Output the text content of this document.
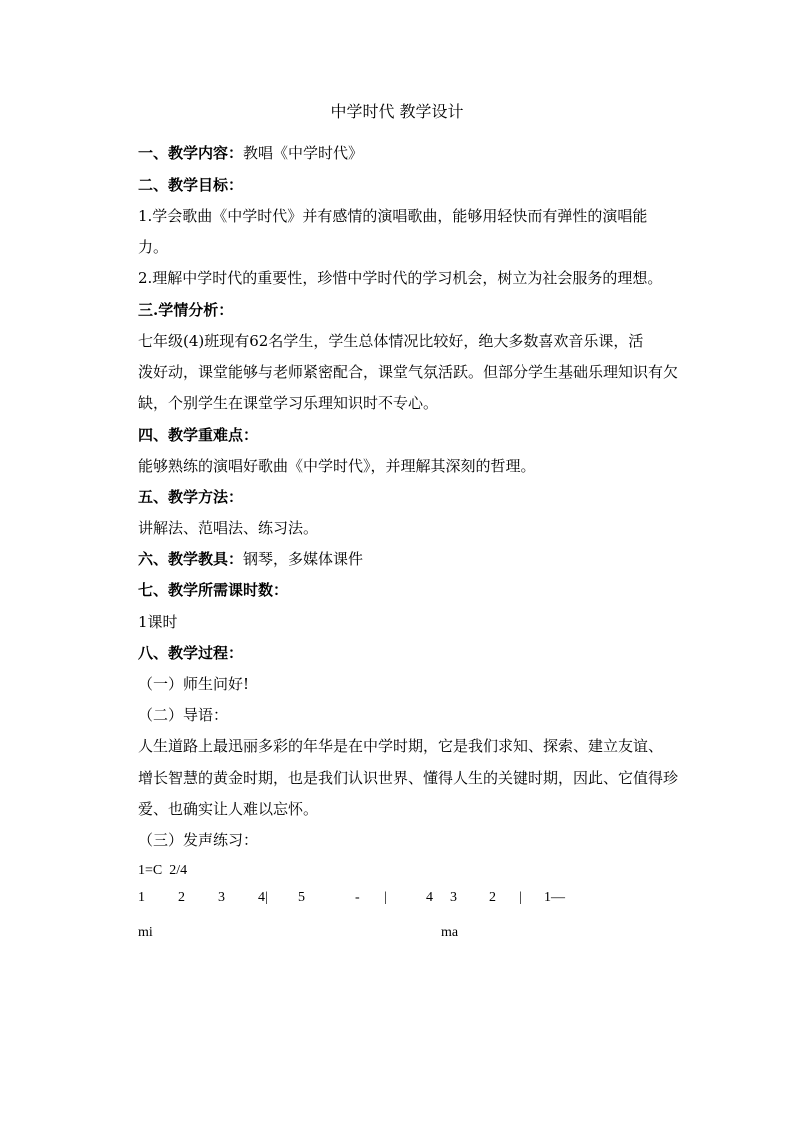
中学时代 教学设计
一、教学内容：教唱《中学时代》
二、教学目标：
1.学会歌曲《中学时代》并有感情的演唱歌曲，能够用轻快而有弹性的演唱能
力。
2.理解中学时代的重要性，珍惜中学时代的学习机会，树立为社会服务的理想。
三.学情分析：
七年级(4)班现有62名学生，学生总体情况比较好，绝大多数喜欢音乐课，活
泼好动，课堂能够与老师紧密配合，课堂气氛活跃。但部分学生基础乐理知识有欠
缺，个别学生在课堂学习乐理知识时不专心。
四、教学重难点：
能够熟练的演唱好歌曲《中学时代》，并理解其深刻的哲理。
五、教学方法：
讲解法、范唱法、练习法。
六、教学教具：钢琴，多媒体课件
七、教学所需课时数：
1课时
八、教学过程：
（一）师生问好!
（二）导语：
人生道路上最迅丽多彩的年华是在中学时期，它是我们求知、探索、建立友谊、
增长智慧的黄金时期，也是我们认识世界、懂得人生的关键时期，因此、它值得珍
爱、也确实让人难以忘怀。
（三）发声练习：
1=C  2/4
1 2 3 4| 5	- |	4 3 2 | 1—
mi	ma
